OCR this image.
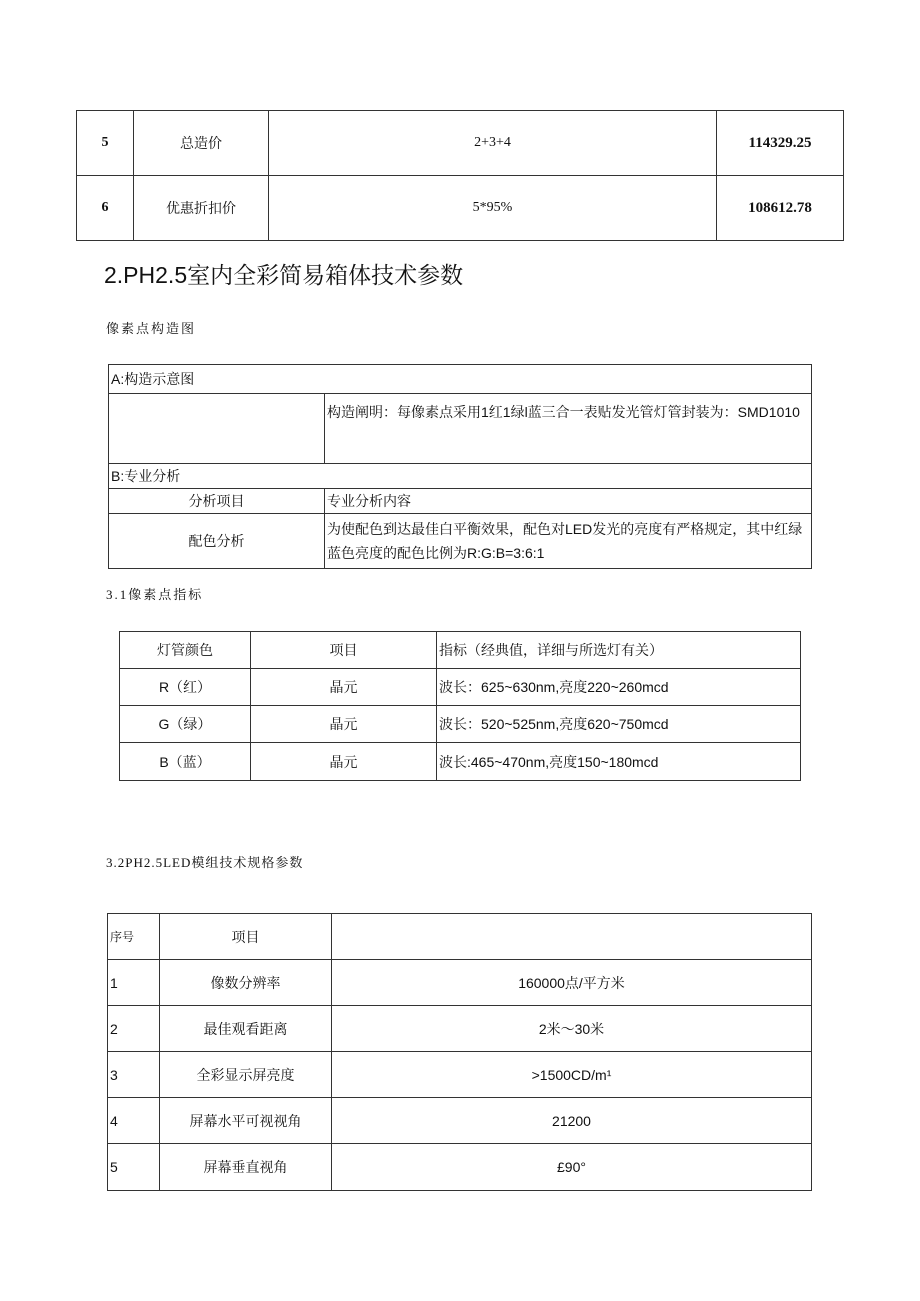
5	总造价	2+3+4	114329.25
6	优惠折扣价	5*95%	108612.78
2.PH2.5室内全彩简易箱体技术参数
像素点构造图
A:构造示意图	
	构造阐明：每像素点采用1红1绿l蓝三合一表贴发光管灯管封装为：SMD1010
B:专业分析	
分析项目	专业分析内容
配色分析	为使配色到达最佳白平衡效果，配色对LED发光的亮度有严格规定，其中红绿蓝色亮度的配色比例为R:G:B=3:6:1
3.1像素点指标
灯管颜色	项目	指标（经典值，详细与所选灯有关）
R（红）	晶元	波长：625~630nm,亮度220~260mcd
G（绿）	晶元	波长：520~525nm,亮度620~750mcd
B（蓝）	晶元	波长:465~470nm,亮度150~180mcd
3.2PH2.5LED模组技术规格参数
序号	项目	
1	像数分辨率	160000点/平方米
2	最佳观看距离	2米～30米
3	全彩显示屏亮度	>1500CD/m¹
4	屏幕水平可视视角	21200
5	屏幕垂直视角	£90°
